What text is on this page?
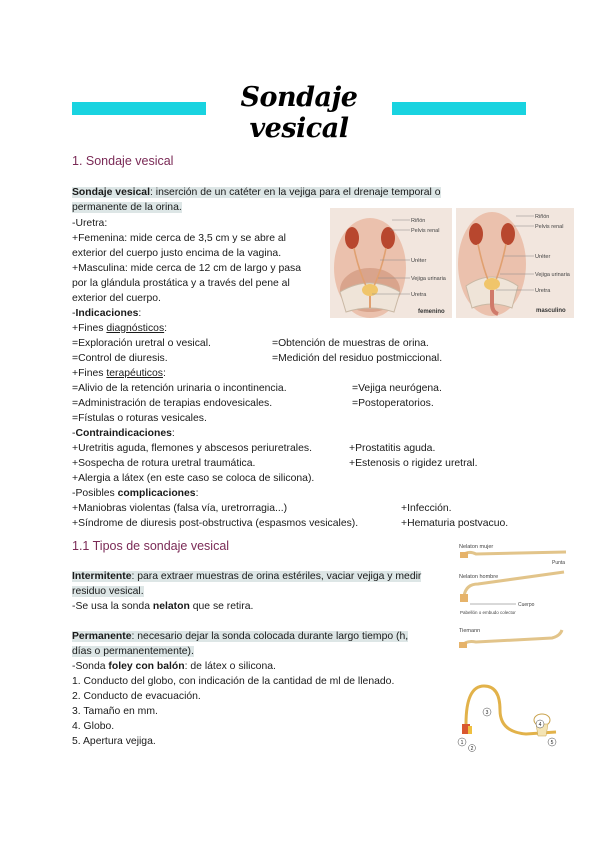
Sondaje vesical
1. Sondaje vesical
Sondaje vesical: inserción de un catéter en la vejiga para el drenaje temporal o
permanente de la orina.
-Uretra:
+Femenina: mide cerca de 3,5 cm y se abre al
exterior del cuerpo justo encima de la vagina.
+Masculina: mide cerca de 12 cm de largo y pasa
por la glándula prostática y a través del pene al
exterior del cuerpo.
-Indicaciones:
+Fines diagnósticos:
=Exploración uretral o vesical.	=Obtención de muestras de orina.
=Control de diuresis.	=Medición del residuo postmiccional.
+Fines terapéuticos:
=Alivio de la retención urinaria o incontinencia.	=Vejiga neurógena.
=Administración de terapias endovesicales.	=Postoperatorios.
=Fístulas o roturas vesicales.
-Contraindicaciones:
+Uretritis aguda, flemones y abscesos periuretrales.	+Prostatitis aguda.
+Sospecha de rotura uretral traumática.	+Estenosis o rigidez uretral.
+Alergia a látex (en este caso se coloca de silicona).
-Posibles complicaciones:
+Maniobras violentas (falsa vía, uretrorragia...)	+Infección.
+Síndrome de diuresis post-obstructiva (espasmos vesicales).	+Hematuria postvacuo.
Riñón
Pelvis renal
Uréter
Vejiga urinaria
Uretra
femenino
Riñón
Pelvis renal
Uréter
Vejiga urinaria
Uretra
masculino
1.1 Tipos de sondaje vesical
Intermitente: para extraer muestras de orina estériles, vaciar vejiga y medir
residuo vesical.
-Se usa la sonda nelaton que se retira.
Permanente: necesario dejar la sonda colocada durante largo tiempo (h,
días o permanentemente).
-Sonda foley con balón: de látex o silicona.
1. Conducto del globo, con indicación de la cantidad de ml de llenado.
2. Conducto de evacuación.
3. Tamaño en mm.
4. Globo.
5. Apertura vejiga.
Nelaton mujer
Nelaton hombre
Punta
Cuerpo
Pabellón o embudo colector
Tiemann
1
2
3
4
5
